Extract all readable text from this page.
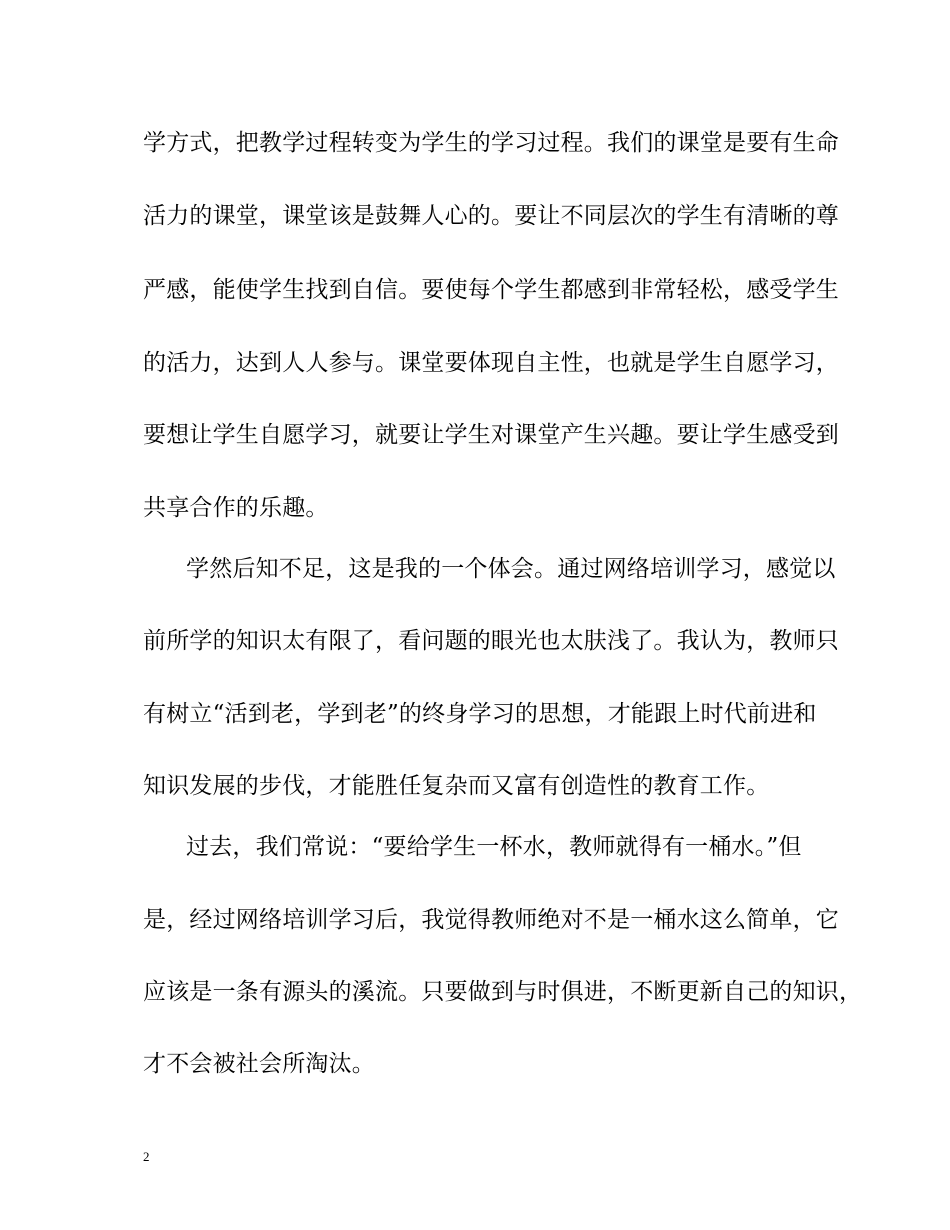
学方式，把教学过程转变为学生的学习过程。我们的课堂是要有生命
活力的课堂，课堂该是鼓舞人心的。要让不同层次的学生有清晰的尊
严感，能使学生找到自信。要使每个学生都感到非常轻松，感受学生
的活力，达到人人参与。课堂要体现自主性，也就是学生自愿学习，
要想让学生自愿学习，就要让学生对课堂产生兴趣。要让学生感受到
共享合作的乐趣。
学然后知不足，这是我的一个体会。通过网络培训学习，感觉以
前所学的知识太有限了，看问题的眼光也太肤浅了。我认为，教师只
有树立“活到老，学到老”的终身学习的思想，才能跟上时代前进和
知识发展的步伐，才能胜任复杂而又富有创造性的教育工作。
过去，我们常说：“要给学生一杯水，教师就得有一桶水。”但
是，经过网络培训学习后，我觉得教师绝对不是一桶水这么简单，它
应该是一条有源头的溪流。只要做到与时俱进，不断更新自己的知识，
才不会被社会所淘汰。
2
